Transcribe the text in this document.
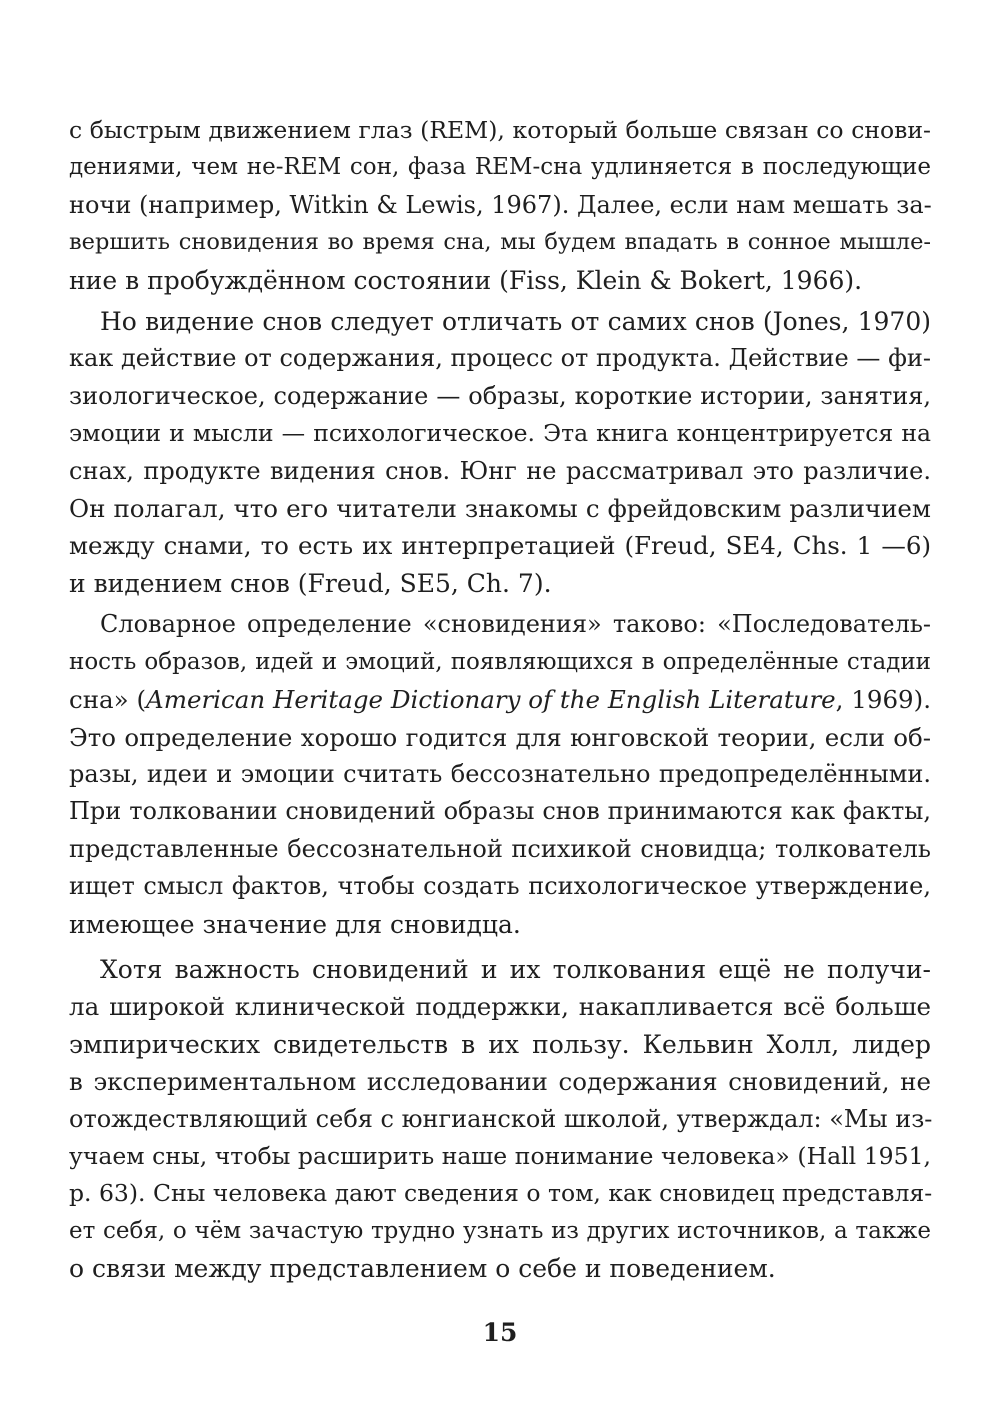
с быстрым движением глаз (REM), который больше связан со снови-
дениями, чем не-REM сон, фаза REM-сна удлиняется в последующие
ночи (например, Witkin & Lewis, 1967). Далее, если нам мешать за-
вершить сновидения во время сна, мы будем впадать в сонное мышле-
ние в пробуждённом состоянии (Fiss, Klein & Bokert, 1966).

Но видение снов следует отличать от самих снов (Jones, 1970)
как действие от содержания, процесс от продукта. Действие — фи-
зиологическое, содержание — образы, короткие истории, занятия,
эмоции и мысли — психологическое. Эта книга концентрируется на
снах, продукте видения снов. Юнг не рассматривал это различие.
Он полагал, что его читатели знакомы с фрейдовским различием
между снами, то есть их интерпретацией (Freud, SE4, Chs. 1 —6)
и видением снов (Freud, SE5, Ch. 7).

Словарное определение «сновидения» таково: «Последователь-
ность образов, идей и эмоций, появляющихся в определённые стадии
сна» (American Heritage Dictionary of the English Literature, 1969).
Это определение хорошо годится для юнговской теории, если об-
разы, идеи и эмоции считать бессознательно предопределёнными.
При толковании сновидений образы снов принимаются как факты,
представленные бессознательной психикой сновидца; толкователь
ищет смысл фактов, чтобы создать психологическое утверждение,
имеющее значение для сновидца.

Хотя важность сновидений и их толкования ещё не получи-
ла широкой клинической поддержки, накапливается всё больше
эмпирических свидетельств в их пользу. Кельвин Холл, лидер
в экспериментальном исследовании содержания сновидений, не
отождествляющий себя с юнгианской школой, утверждал: «Мы из-
учаем сны, чтобы расширить наше понимание человека» (Hall 1951,
p. 63). Сны человека дают сведения о том, как сновидец представля-
ет себя, о чём зачастую трудно узнать из других источников, а также
о связи между представлением о себе и поведением.

15
